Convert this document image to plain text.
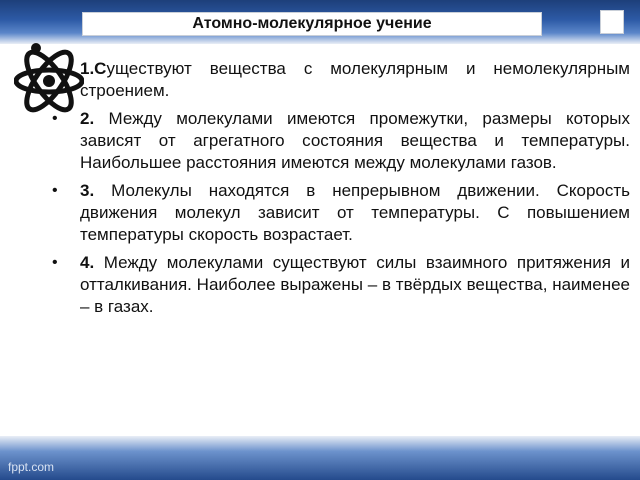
Атомно-молекулярное учение
1.Существуют вещества с молекулярным и немолекулярным строением.
•	2. Между молекулами имеются промежутки, размеры которых зависят от агрегатного состояния вещества и температуры. Наибольшее расстояния имеются между молекулами газов.
•	3. Молекулы находятся в непрерывном движении. Скорость движения молекул зависит от температуры. С повышением температуры скорость возрастает.
•	4. Между молекулами существуют силы взаимного притяжения и отталкивания. Наиболее выражены – в твёрдых вещества, наименее – в газах.
fppt.com
